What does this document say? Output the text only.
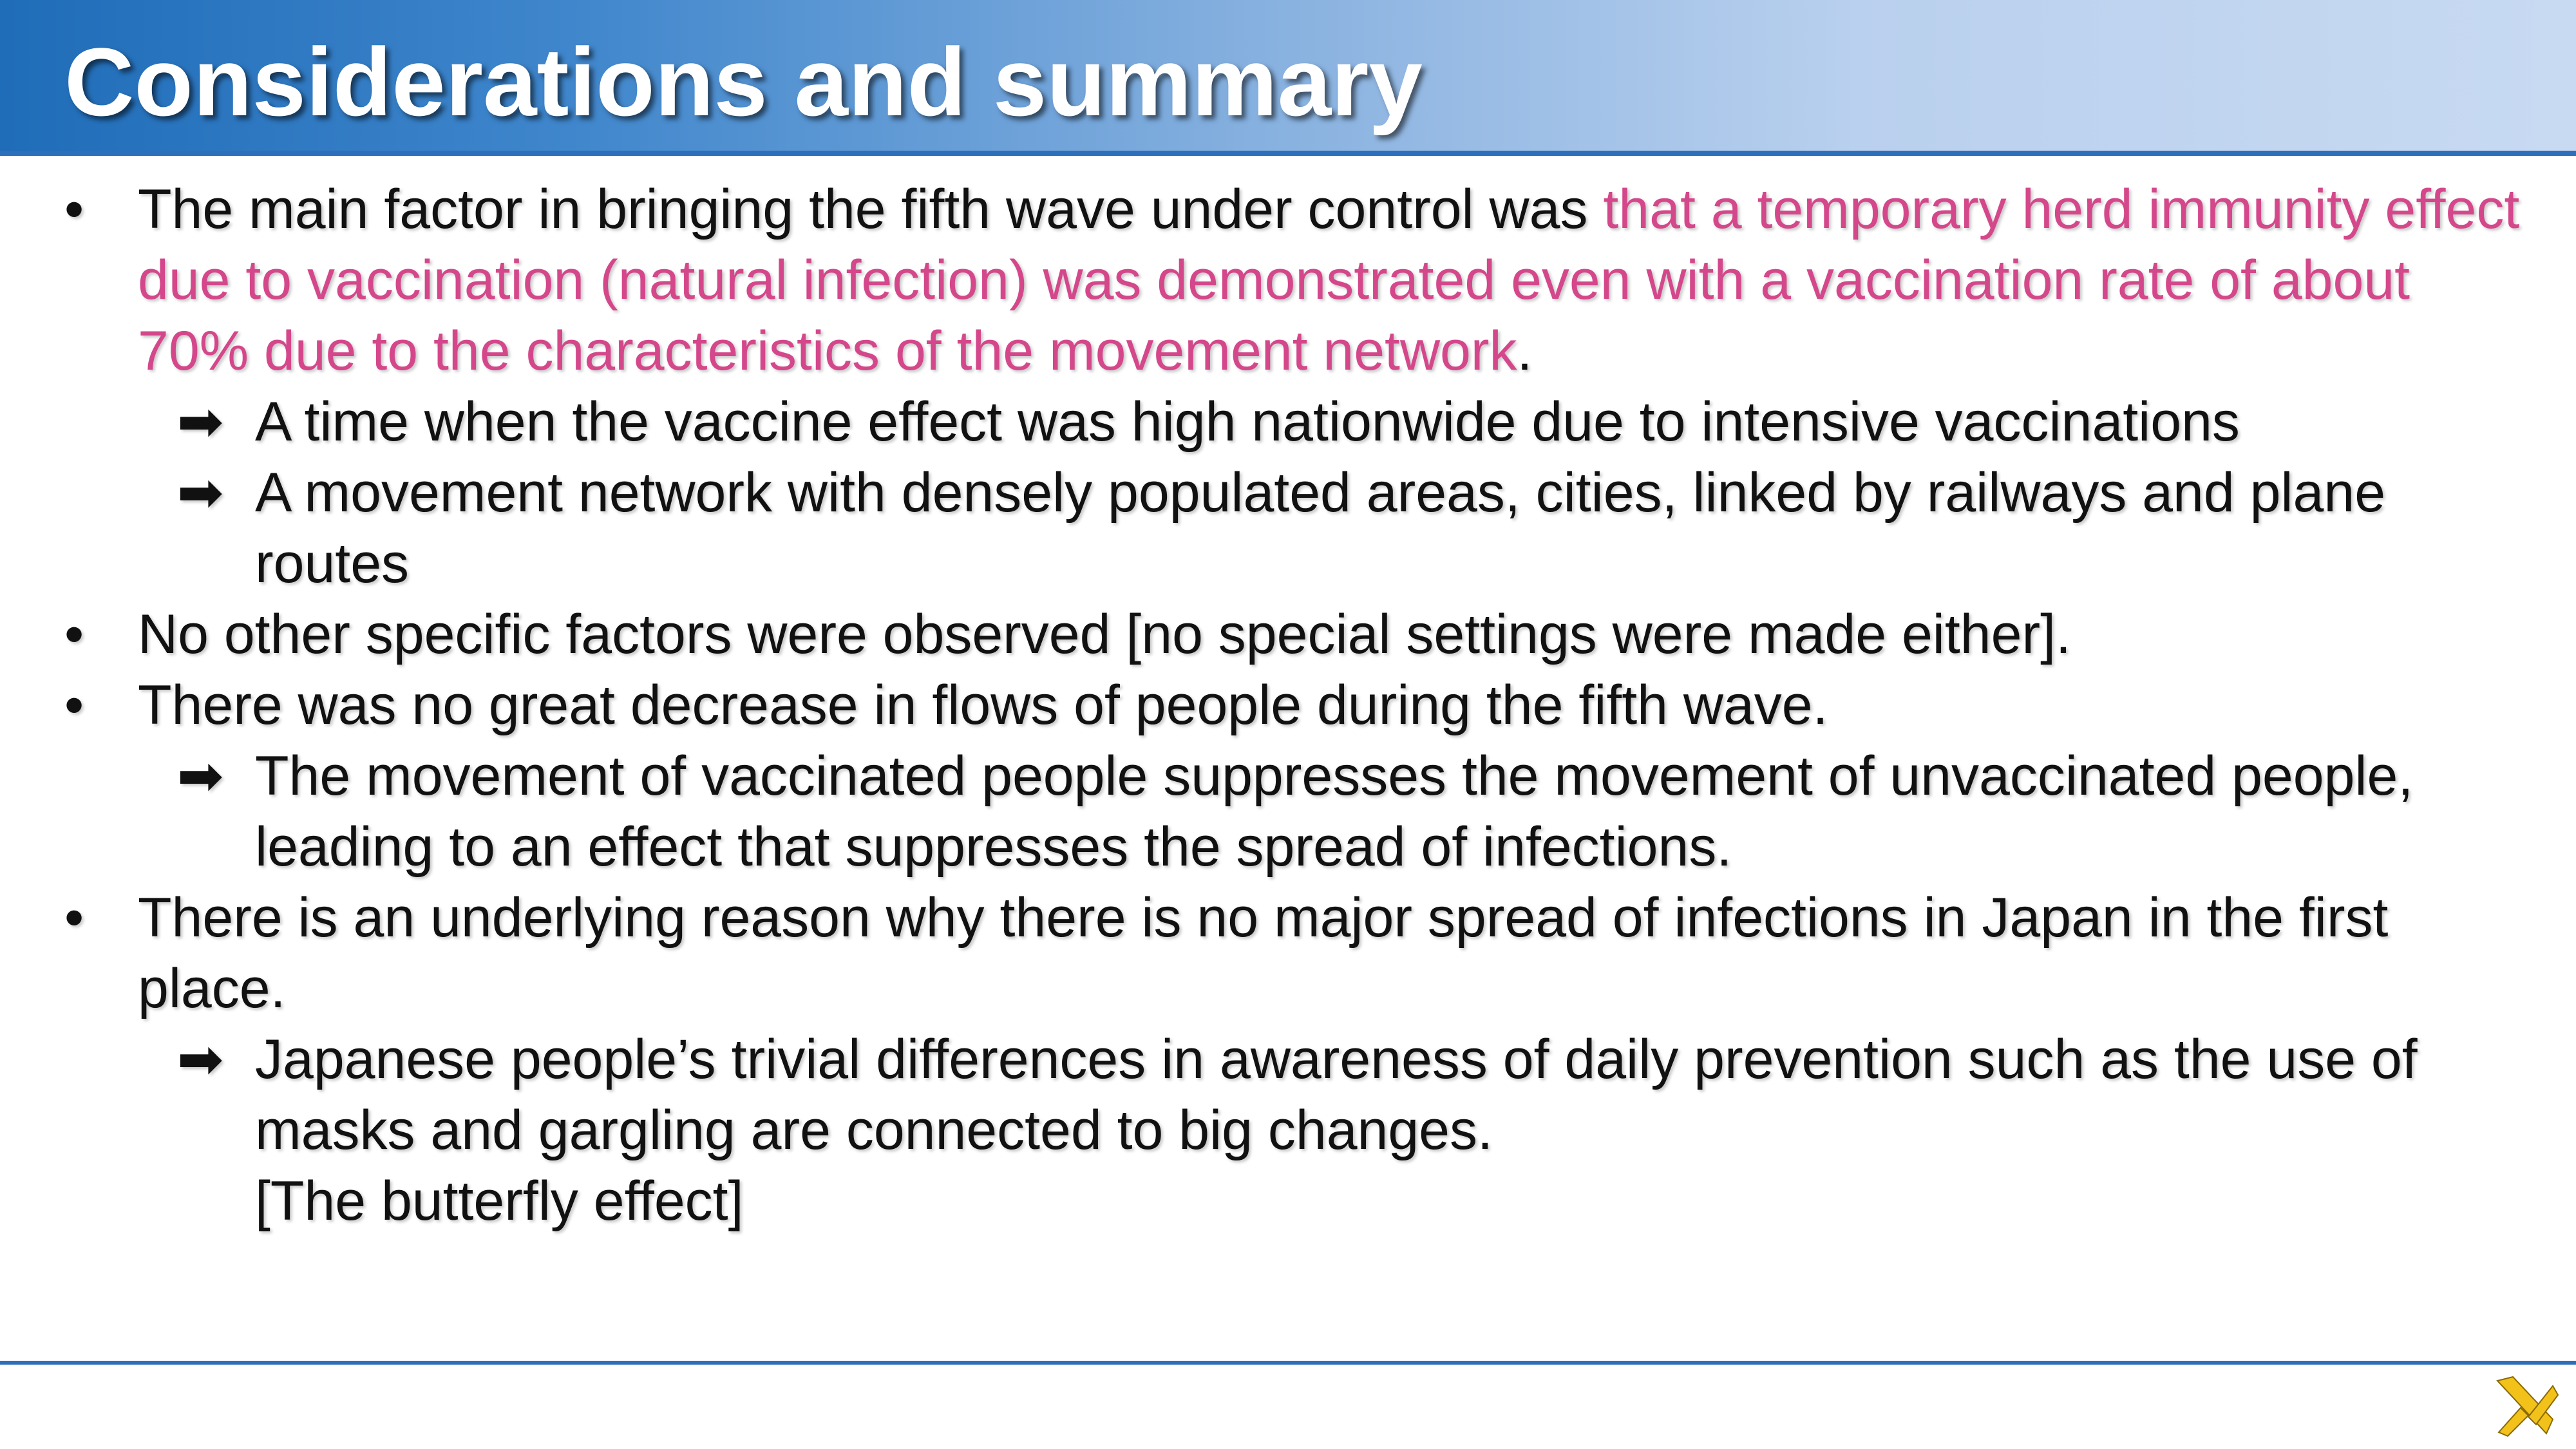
Considerations and summary

• The main factor in bringing the fifth wave under control was that a temporary herd immunity effect due to vaccination (natural infection) was demonstrated even with a vaccination rate of about 70% due to the characteristics of the movement network.

➡ A time when the vaccine effect was high nationwide due to intensive vaccinations

➡ A movement network with densely populated areas, cities, linked by railways and plane routes

• No other specific factors were observed [no special settings were made either].

• There was no great decrease in flows of people during the fifth wave.

➡ The movement of vaccinated people suppresses the movement of unvaccinated people, leading to an effect that suppresses the spread of infections.

• There is an underlying reason why there is no major spread of infections in Japan in the first place.

➡ Japanese people’s trivial differences in awareness of daily prevention such as the use of masks and gargling are connected to big changes.
[The butterfly effect]
